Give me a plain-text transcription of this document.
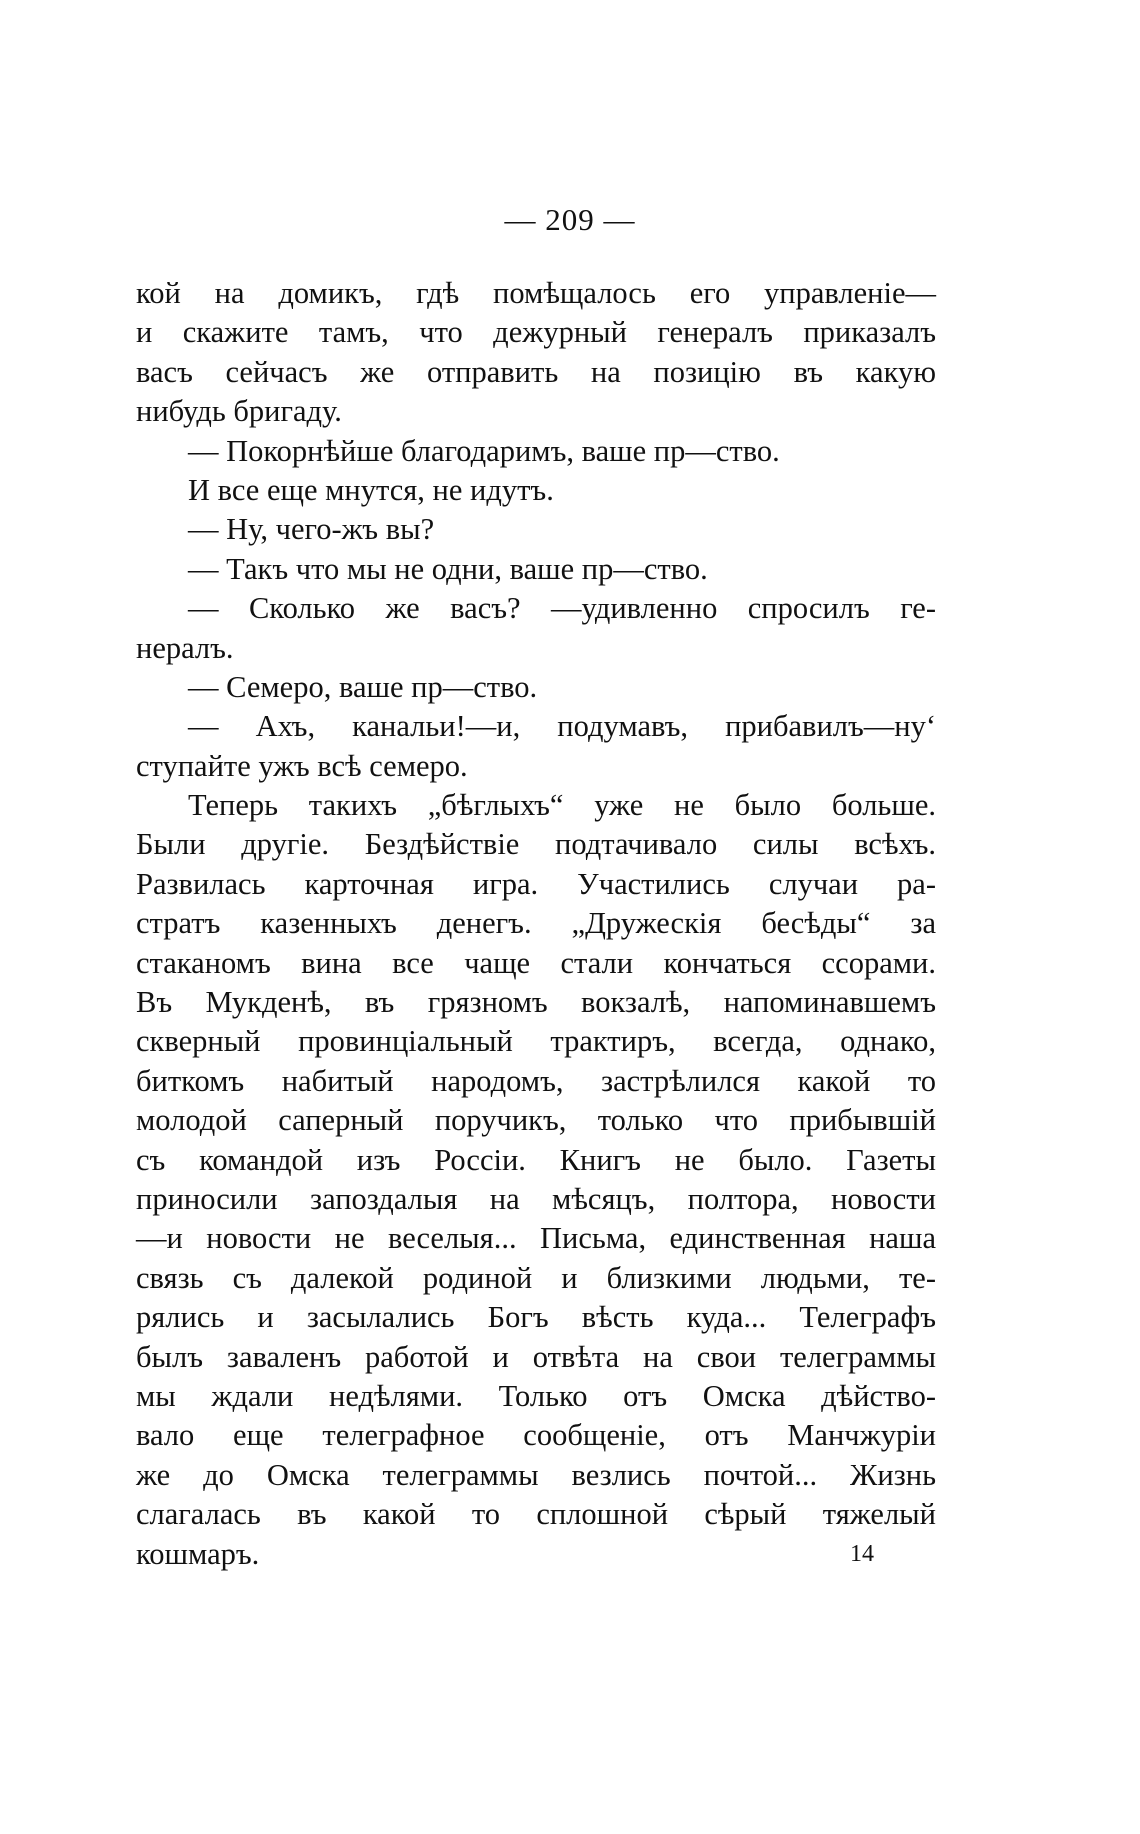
— 209 —
кой на домикъ, гдѣ помѣщалось его управленіе—
и скажите тамъ, что дежурный генералъ приказалъ
васъ сейчасъ же отправить на позицію въ какую
нибудь бригаду.
— Покорнѣйше благодаримъ, ваше пр—ство.
И все еще мнутся, не идутъ.
— Ну, чего-жъ вы?
— Такъ что мы не одни, ваше пр—ство.
— Сколько же васъ? —удивленно спросилъ ге-
нералъ.
— Семеро, ваше пр—ство.
— Ахъ, канальи!—и, подумавъ, прибавилъ—ну‘
ступайте ужъ всѣ семеро.
Теперь такихъ „бѣглыхъ“ уже не было больше.
Были другіе. Бездѣйствіе подтачивало силы всѣхъ.
Развилась карточная игра. Участились случаи ра-
стратъ казенныхъ денегъ. „Дружескія бесѣды“ за
стаканомъ вина все чаще стали кончаться ссорами.
Въ Мукденѣ, въ грязномъ вокзалѣ, напоминавшемъ
скверный провинціальный трактиръ, всегда, однако,
биткомъ набитый народомъ, застрѣлился какой то
молодой саперный поручикъ, только что прибывшій
съ командой изъ Россіи. Книгъ не было. Газеты
приносили запоздалыя на мѣсяцъ, полтора, новости
—и новости не веселыя... Письма, единственная наша
связь съ далекой родиной и близкими людьми, те-
рялись и засылались Богъ вѣсть куда... Телеграфъ
былъ заваленъ работой и отвѣта на свои телеграммы
мы ждали недѣлями. Только отъ Омска дѣйство-
вало еще телеграфное сообщеніе, отъ Манчжуріи
же до Омска телеграммы везлись почтой... Жизнь
слагалась въ какой то сплошной сѣрый тяжелый
кошмаръ.	14
